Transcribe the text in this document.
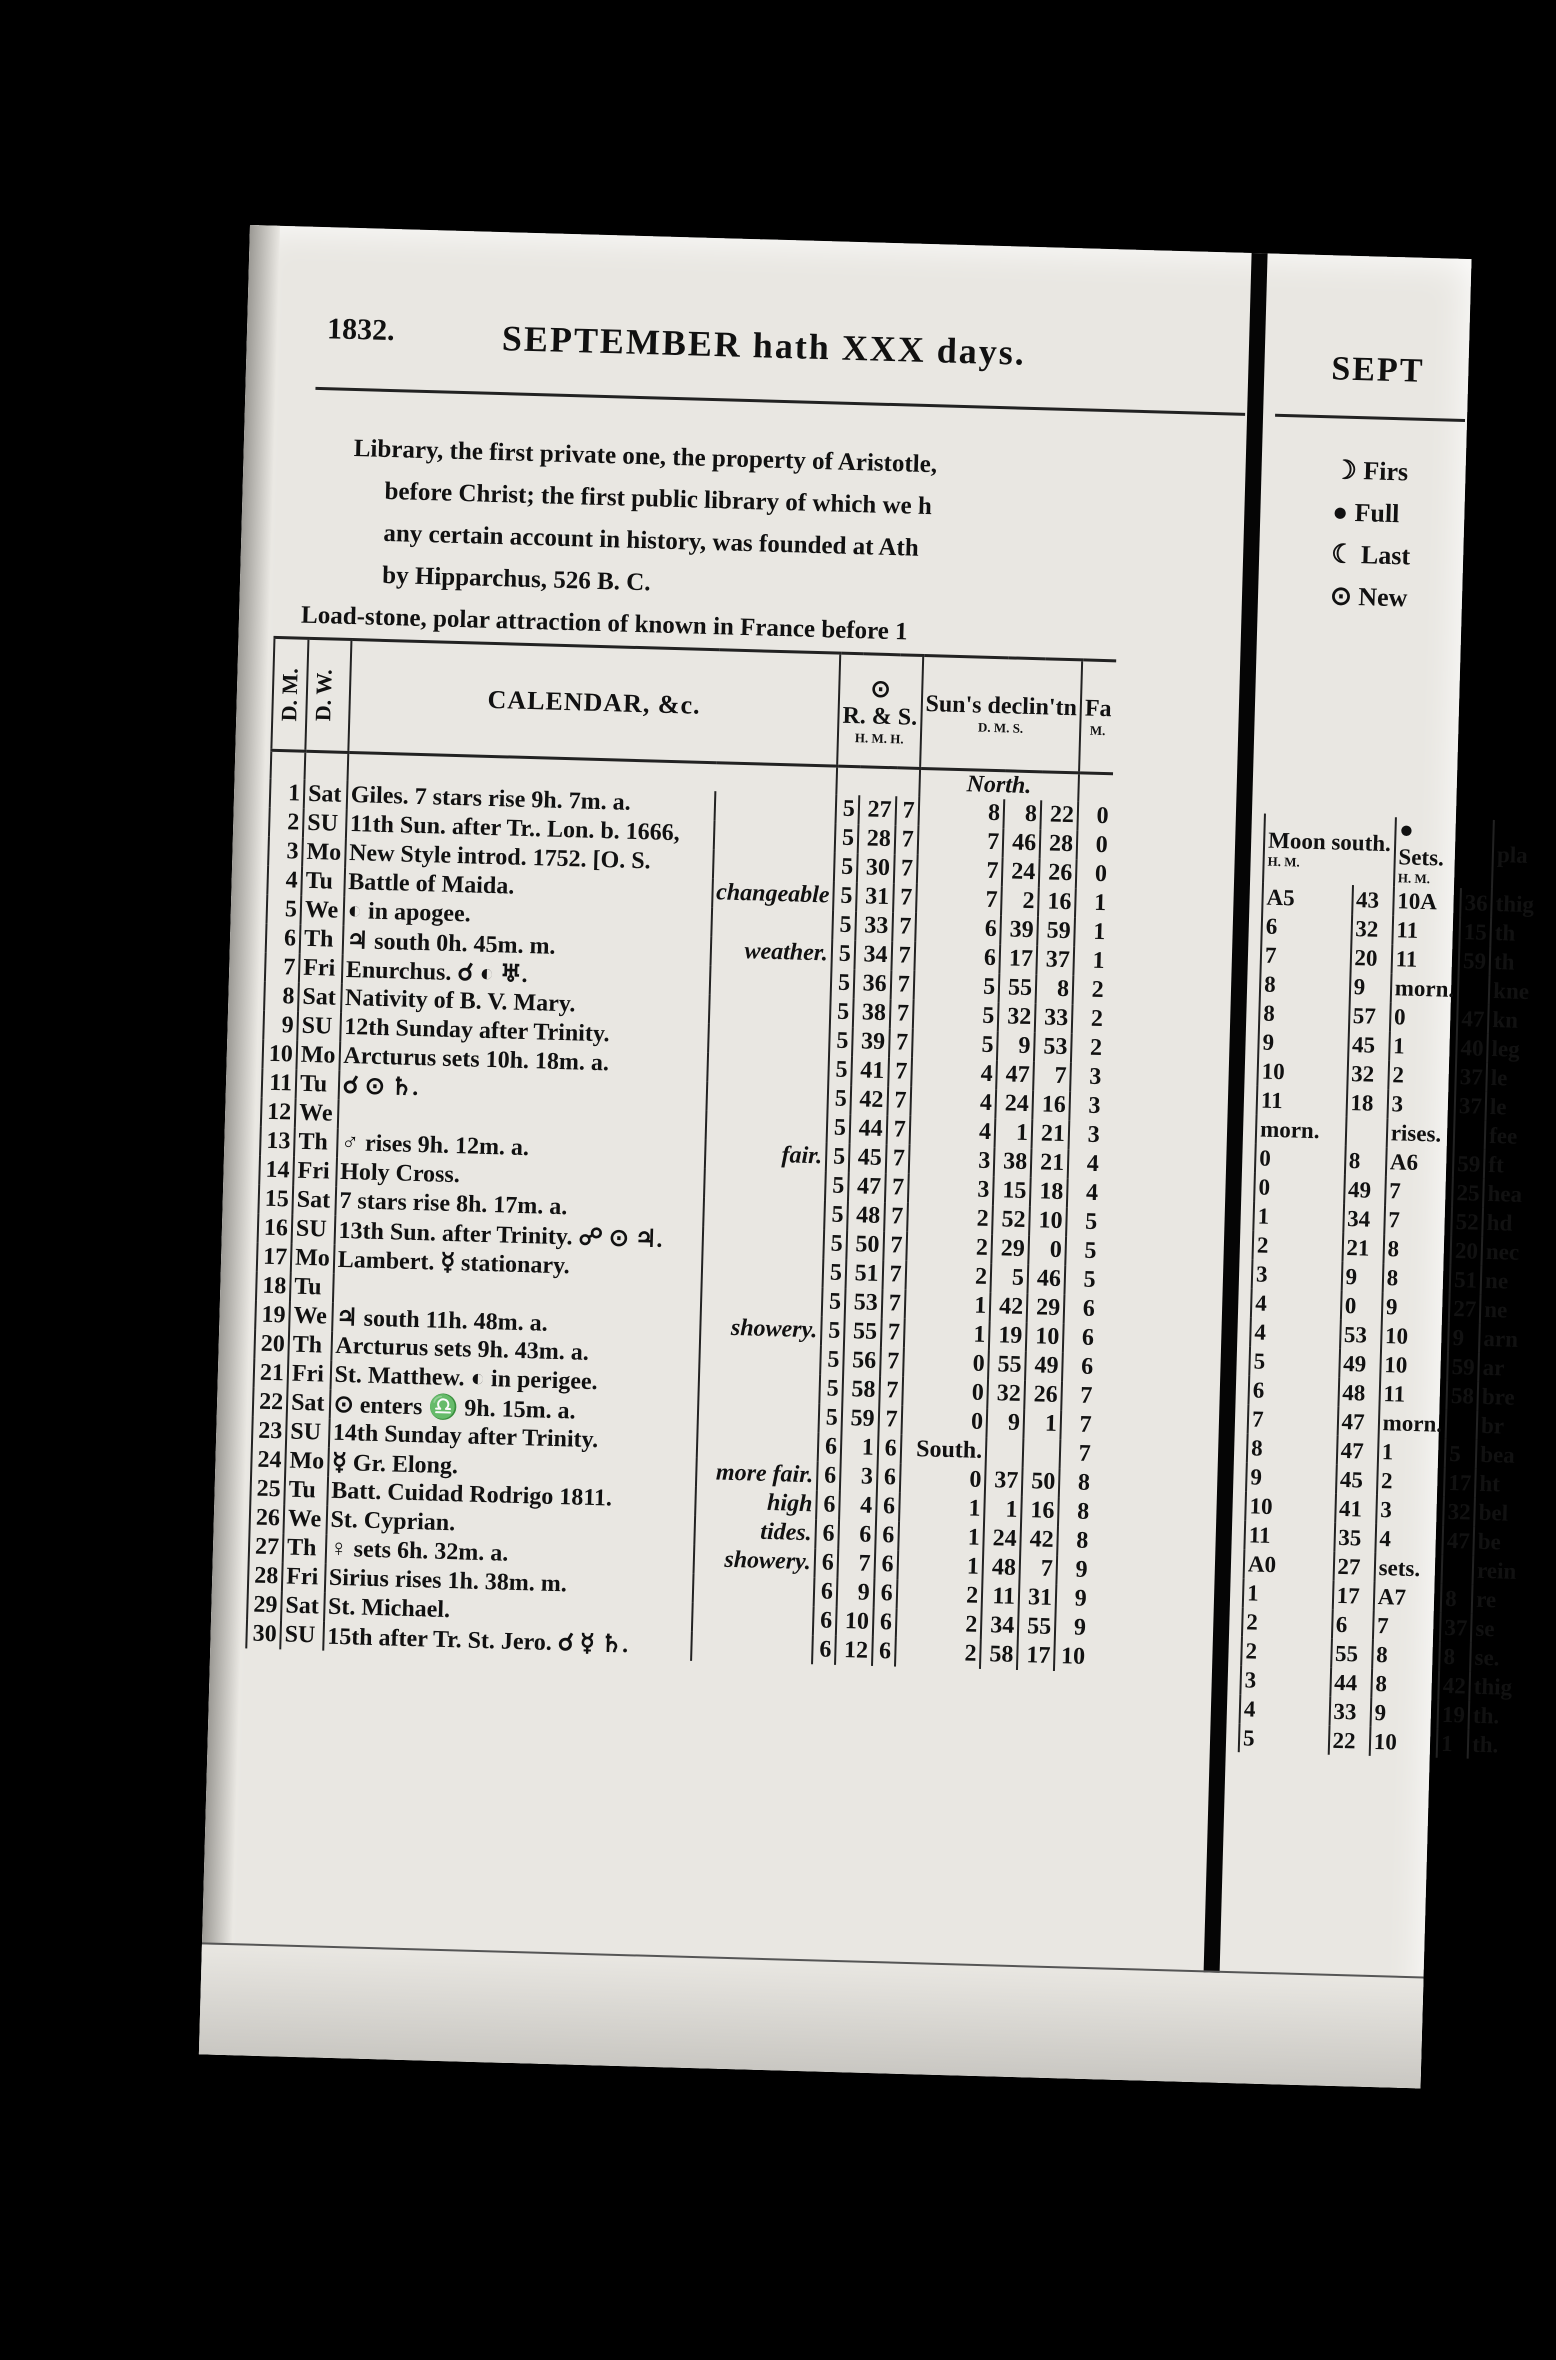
1832.	SEPTEMBER hath XXX days.
Library, the first private one, the property of Aristotle,
before Christ; the first public library of which we h
any certain account in history, was founded at Ath
by Hipparchus, 526 B. C.
Load-stone, polar attraction of known in France before 1
D. M.	D. W.	CALENDAR, &c.		⊙
R. & S.
H. M. H.			Sun's declin'tn
D. M. S.			Fa
M.

							North.			
1	Sat	Giles. 7 stars rise 9h. 7m. a.		5	27	7	8	8	22	0
2	SU	11th Sun. after Tr.. Lon. b. 1666,		5	28	7	7	46	28	0
3	Mo	New Style introd. 1752. [O. S.		5	30	7	7	24	26	0
4	Tu	Battle of Maida.	changeable	5	31	7	7	2	16	1
5	We	◐ in apogee.		5	33	7	6	39	59	1
6	Th	♃ south 0h. 45m. m.	weather.	5	34	7	6	17	37	1
7	Fri	Enurchus. ☌ ◐ ♅.		5	36	7	5	55	8	2
8	Sat	Nativity of B. V. Mary.		5	38	7	5	32	33	2
9	SU	12th Sunday after Trinity.		5	39	7	5	9	53	2
10	Mo	Arcturus sets 10h. 18m. a.		5	41	7	4	47	7	3
11	Tu	☌ ⊙ ♄.		5	42	7	4	24	16	3
12	We			5	44	7	4	1	21	3
13	Th	♂ rises 9h. 12m. a.	fair.	5	45	7	3	38	21	4
14	Fri	Holy Cross.		5	47	7	3	15	18	4
15	Sat	7 stars rise 8h. 17m. a.		5	48	7	2	52	10	5
16	SU	13th Sun. after Trinity. ☍ ⊙ ♃.		5	50	7	2	29	0	5
17	Mo	Lambert. ☿ stationary.		5	51	7	2	5	46	5
18	Tu			5	53	7	1	42	29	6
19	We	♃ south 11h. 48m. a.	showery.	5	55	7	1	19	10	6
20	Th	Arcturus sets 9h. 43m. a.		5	56	7	0	55	49	6
21	Fri	St. Matthew. ◐ in perigee.		5	58	7	0	32	26	7
22	Sat	⊙ enters ♎ 9h. 15m. a.		5	59	7	0	9	1	7
23	SU	14th Sunday after Trinity.		6	1	6	South.			7
24	Mo	☿ Gr. Elong.	more fair.	6	3	6	0	37	50	8
25	Tu	Batt. Cuidad Rodrigo 1811.	high	6	4	6	1	1	16	8
26	We	St. Cyprian.	tides.	6	6	6	1	24	42	8
27	Th	♀ sets 6h. 32m. a.	showery.	6	7	6	1	48	7	9
28	Fri	Sirius rises 1h. 38m. m.		6	9	6	2	11	31	9
29	Sat	St. Michael.		6	10	6	2	34	55	9
30	SU	15th after Tr. St. Jero. ☌ ☿ ♄.		6	12	6	2	58	17	10
SEPT
☽ Firs
● Full
☾ Last
⊙ New
Moon south.
H. M.		●
Sets.
H. M.		pla
A5	43	10A	36	thig
6	32	11	15	th
7	20	11	59	th
8	9	morn.		kne
8	57	0	47	kn
9	45	1	40	leg
10	32	2	37	le
11	18	3	37	le
morn.		rises.		fee
0	8	A6	59	ft
0	49	7	25	hea
1	34	7	52	hd
2	21	8	20	nec
3	9	8	51	ne
4	0	9	27	ne
4	53	10	9	arn
5	49	10	59	ar
6	48	11	58	bre
7	47	morn.		br
8	47	1	5	bea
9	45	2	17	ht
10	41	3	32	bel
11	35	4	47	be
A0	27	sets.		rein
1	17	A7	8	re
2	6	7	37	se
2	55	8	8	se.
3	44	8	42	thig
4	33	9	19	th.
5	22	10	1	th.
